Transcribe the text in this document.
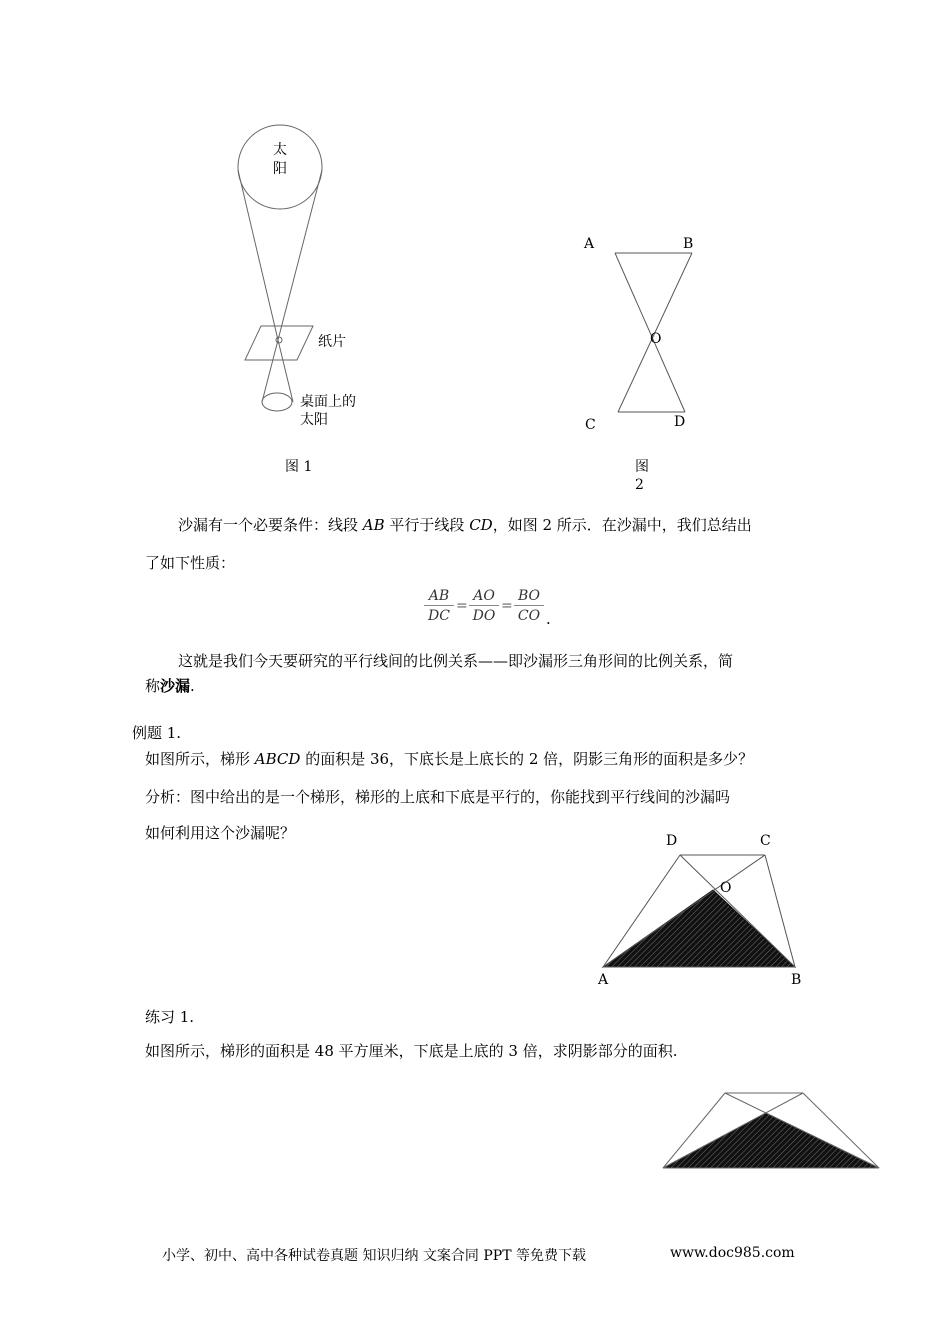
太
阳
纸片
桌面上的
太阳
图 1
A	B
O
C	D
图
2
沙漏有一个必要条件：线段 AB 平行于线段 CD，如图 2 所示．在沙漏中，我们总结出
了如下性质：
$\frac{AB}{DC} = \frac{AO}{DO} = \frac{BO}{CO}$ .
这就是我们今天要研究的平行线间的比例关系——即沙漏形三角形间的比例关系，简
称沙漏.
例题 1.
如图所示，梯形 ABCD 的面积是 36，下底长是上底长的 2 倍，阴影三角形的面积是多少？
分析：图中给出的是一个梯形，梯形的上底和下底是平行的，你能找到平行线间的沙漏吗
如何利用这个沙漏呢？	D	C
O
A	B
练习 1.
如图所示，梯形的面积是 48 平方厘米，下底是上底的 3 倍，求阴影部分的面积.
小学、初中、高中各种试卷真题 知识归纳 文案合同 PPT 等免费下载	www.doc985.com
